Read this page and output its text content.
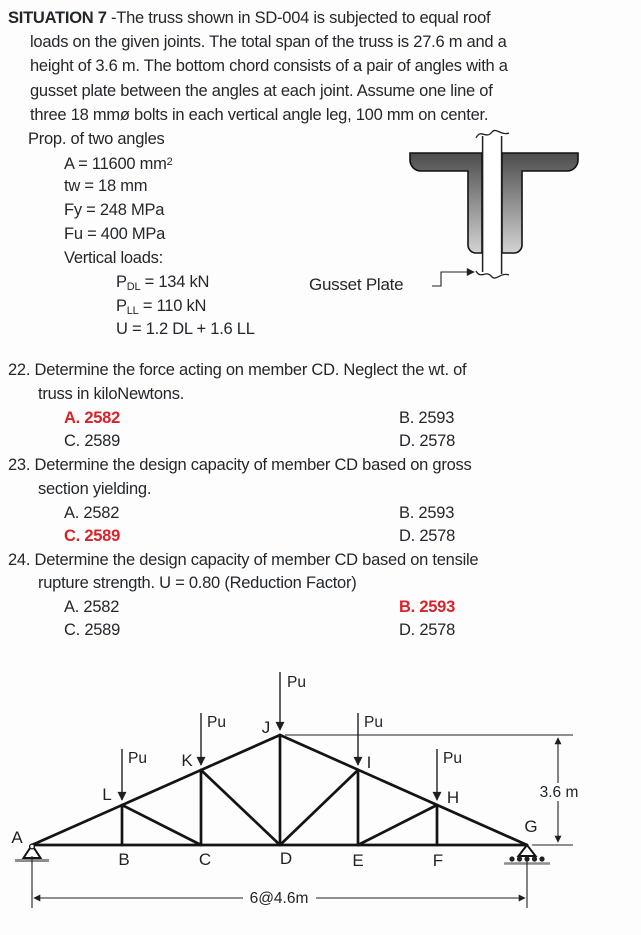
SITUATION 7 -The truss shown in SD-004 is subjected to equal roof
loads on the given joints. The total span of the truss is 27.6 m and a
height of 3.6 m. The bottom chord consists of a pair of angles with a
gusset plate between the angles at each joint. Assume one line of
three 18 mmø bolts in each vertical angle leg, 100 mm on center.
Prop. of two angles
A = 11600 $mm^2$
tw = 18 mm
Fy = 248 MPa
Fu = 400 MPa
Vertical loads:
$P_{DL} = 134$ kN
$P_{LL} = 110$ kN
U = 1.2 DL + 1.6 LL
Gusset Plate
22. Determine the force acting on member CD. Neglect the wt. of
truss in kiloNewtons.
A. 2582	B. 2593
C. 2589	D. 2578
23. Determine the design capacity of member CD based on gross
section yielding.
A. 2582	B. 2593
C. 2589	D. 2578
24. Determine the design capacity of member CD based on tensile
rupture strength. U = 0.80 (Reduction Factor)
A. 2582	B. 2593
C. 2589	D. 2578
Pu
Pu
Pu
Pu
Pu
A
B	C	D	E	F
G
H
I
J
K
L	3.6 m
6@4.6m
